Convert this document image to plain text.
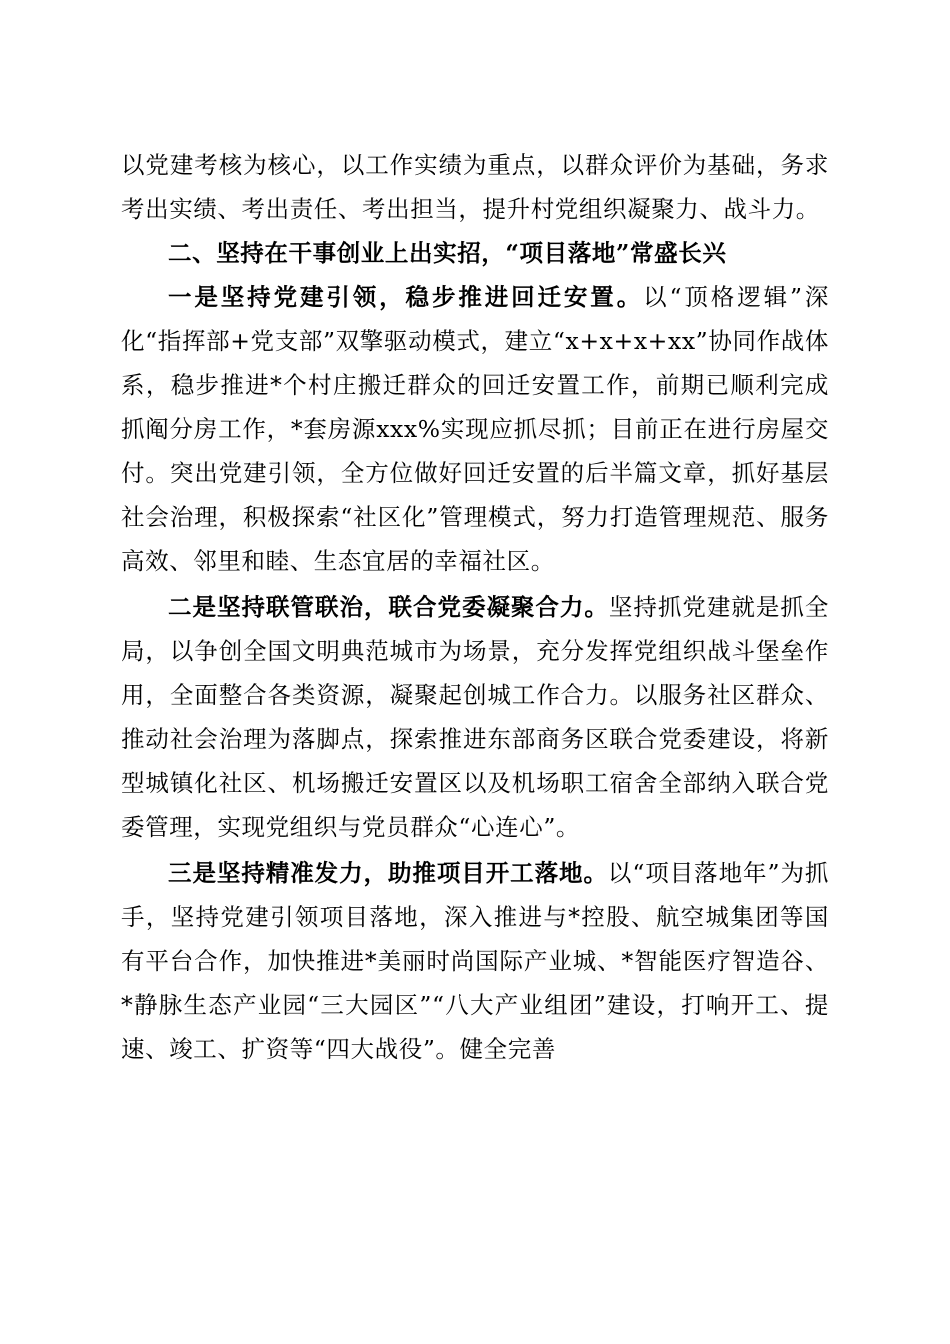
以党建考核为核心，以工作实绩为重点，以群众评价为基础，务求考出实绩、考出责任、考出担当，提升村党组织凝聚力、战斗力。

二、坚持在干事创业上出实招，“项目落地”常盛长兴

一是坚持党建引领，稳步推进回迁安置。以“顶格逻辑”深化“指挥部+党支部”双擎驱动模式，建立“x+x+x+xx”协同作战体系，稳步推进*个村庄搬迁群众的回迁安置工作，前期已顺利完成抓阄分房工作，*套房源xxx%实现应抓尽抓；目前正在进行房屋交付。突出党建引领，全方位做好回迁安置的后半篇文章，抓好基层社会治理，积极探索“社区化”管理模式，努力打造管理规范、服务高效、邻里和睦、生态宜居的幸福社区。

二是坚持联管联治，联合党委凝聚合力。坚持抓党建就是抓全局，以争创全国文明典范城市为场景，充分发挥党组织战斗堡垒作用，全面整合各类资源，凝聚起创城工作合力。以服务社区群众、推动社会治理为落脚点，探索推进东部商务区联合党委建设，将新型城镇化社区、机场搬迁安置区以及机场职工宿舍全部纳入联合党委管理，实现党组织与党员群众“心连心”。

三是坚持精准发力，助推项目开工落地。以“项目落地年”为抓手，坚持党建引领项目落地，深入推进与*控股、航空城集团等国有平台合作，加快推进*美丽时尚国际产业城、*智能医疗智造谷、*静脉生态产业园“三大园区”“八大产业组团”建设，打响开工、提速、竣工、扩资等“四大战役”。健全完善
